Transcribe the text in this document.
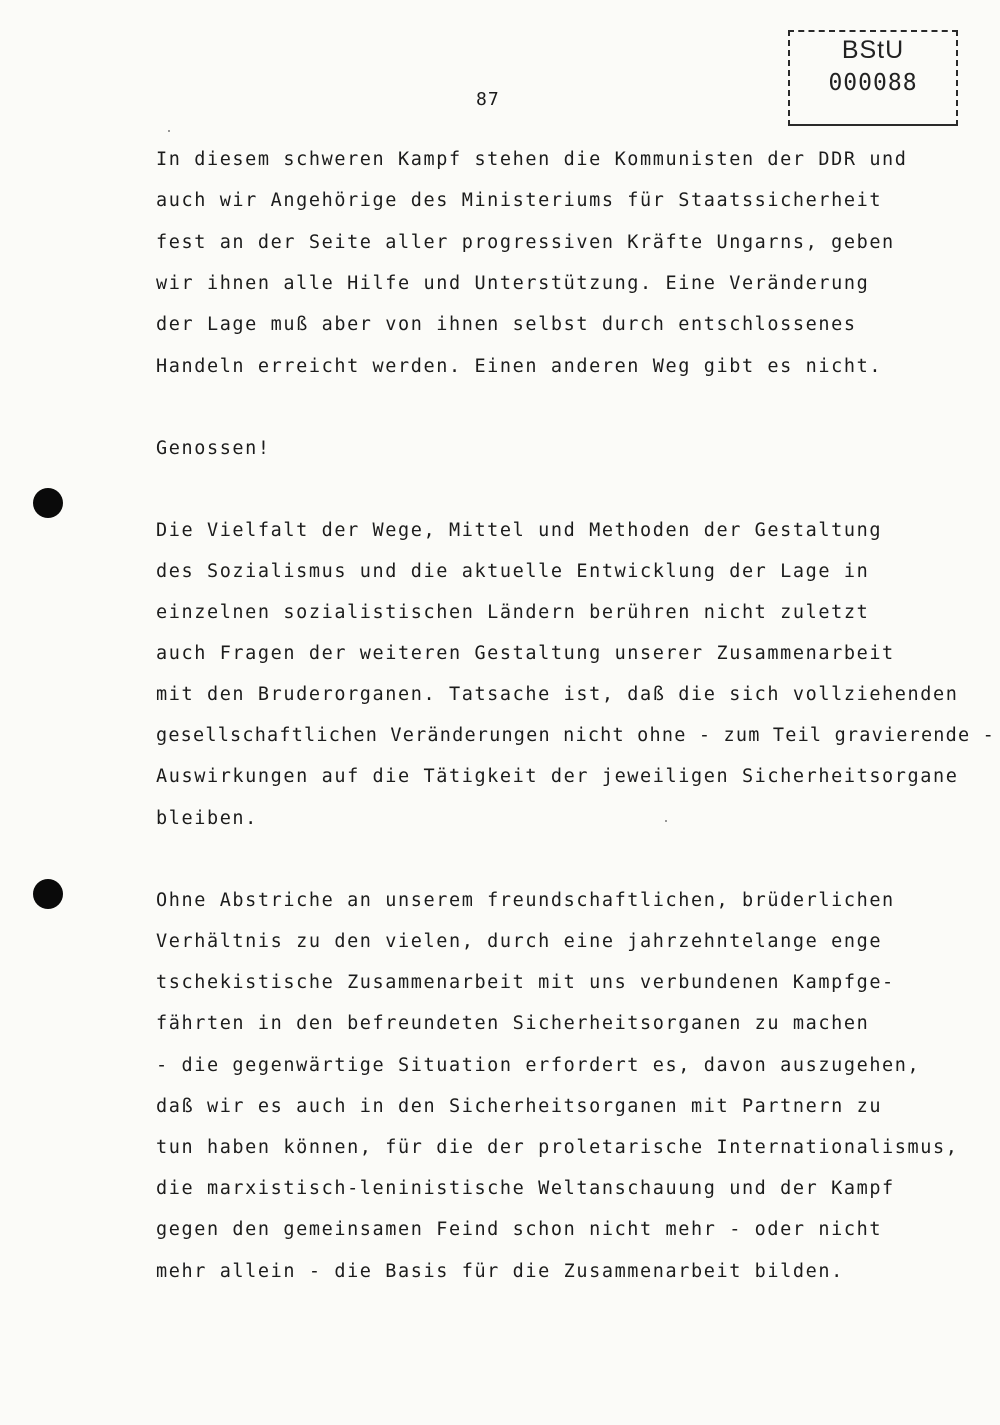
BStU
000088
87
In diesem schweren Kampf stehen die Kommunisten der DDR und
auch wir Angehörige des Ministeriums für Staatssicherheit
fest an der Seite aller progressiven Kräfte Ungarns, geben
wir ihnen alle Hilfe und Unterstützung. Eine Veränderung
der Lage muß aber von ihnen selbst durch entschlossenes
Handeln erreicht werden. Einen anderen Weg gibt es nicht.
Genossen!
Die Vielfalt der Wege, Mittel und Methoden der Gestaltung
des Sozialismus und die aktuelle Entwicklung der Lage in
einzelnen sozialistischen Ländern berühren nicht zuletzt
auch Fragen der weiteren Gestaltung unserer Zusammenarbeit
mit den Bruderorganen. Tatsache ist, daß die sich vollziehenden
gesellschaftlichen Veränderungen nicht ohne - zum Teil gravierende -
Auswirkungen auf die Tätigkeit der jeweiligen Sicherheitsorgane
bleiben.
Ohne Abstriche an unserem freundschaftlichen, brüderlichen
Verhältnis zu den vielen, durch eine jahrzehntelange enge
tschekistische Zusammenarbeit mit uns verbundenen Kampfge-
fährten in den befreundeten Sicherheitsorganen zu machen
- die gegenwärtige Situation erfordert es, davon auszugehen,
daß wir es auch in den Sicherheitsorganen mit Partnern zu
tun haben können, für die der proletarische Internationalismus,
die marxistisch-leninistische Weltanschauung und der Kampf
gegen den gemeinsamen Feind schon nicht mehr - oder nicht
mehr allein - die Basis für die Zusammenarbeit bilden.
